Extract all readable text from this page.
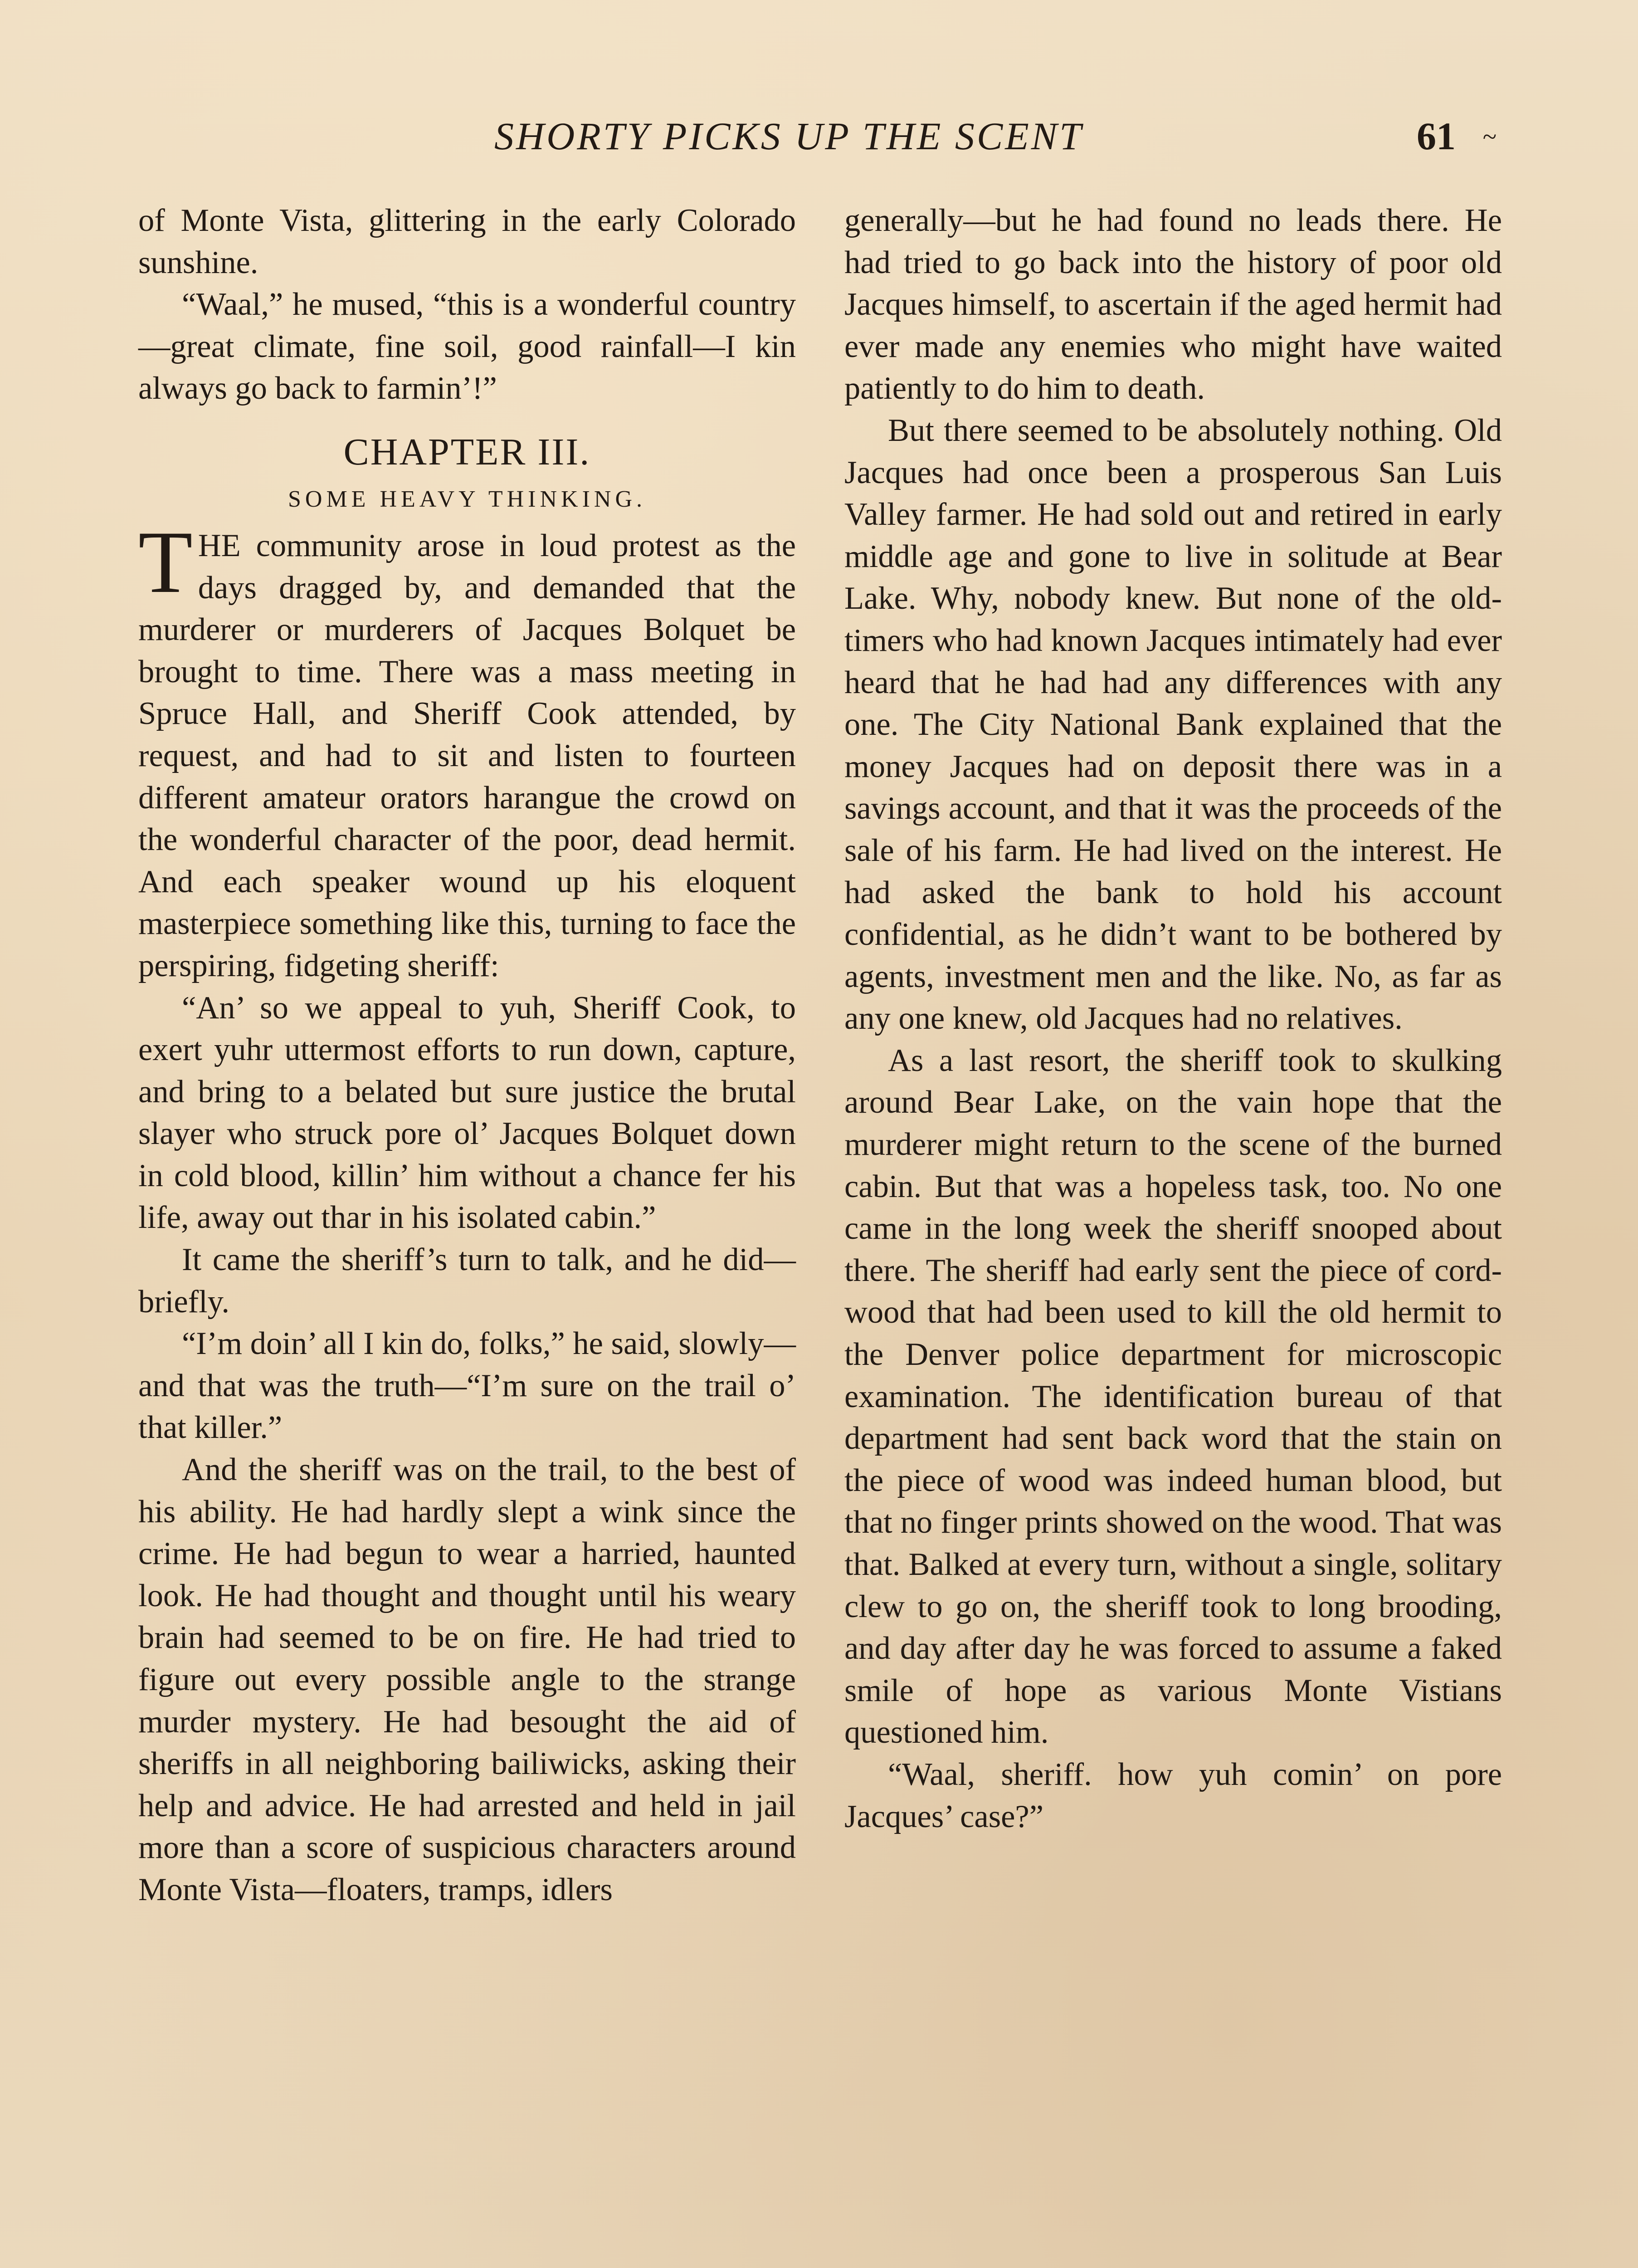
SHORTY PICKS UP THE SCENT	61 ~

of Monte Vista, glittering in the early Colorado sunshine.

“Waal,” he mused, “this is a wonderful country—great climate, fine soil, good rainfall—I kin always go back to farmin’!”

CHAPTER III.
SOME HEAVY THINKING.

THE community arose in loud protest as the days dragged by, and demanded that the murderer or murderers of Jacques Bolquet be brought to time. There was a mass meeting in Spruce Hall, and Sheriff Cook attended, by request, and had to sit and listen to fourteen different amateur orators harangue the crowd on the wonderful character of the poor, dead hermit. And each speaker wound up his eloquent masterpiece something like this, turning to face the perspiring, fidgeting sheriff:

“An’ so we appeal to yuh, Sheriff Cook, to exert yuhr uttermost efforts to run down, capture, and bring to a belated but sure justice the brutal slayer who struck pore ol’ Jacques Bolquet down in cold blood, killin’ him without a chance fer his life, away out thar in his isolated cabin.”

It came the sheriff’s turn to talk, and he did—briefly.

“I’m doin’ all I kin do, folks,” he said, slowly—and that was the truth—“I’m sure on the trail o’ that killer.”

And the sheriff was on the trail, to the best of his ability. He had hardly slept a wink since the crime. He had begun to wear a harried, haunted look. He had thought and thought until his weary brain had seemed to be on fire. He had tried to figure out every possible angle to the strange murder mystery. He had besought the aid of sheriffs in all neighboring bailiwicks, asking their help and advice. He had arrested and held in jail more than a score of suspicious characters around Monte Vista—floaters, tramps, idlers

generally—but he had found no leads there. He had tried to go back into the history of poor old Jacques himself, to ascertain if the aged hermit had ever made any enemies who might have waited patiently to do him to death.

But there seemed to be absolutely nothing. Old Jacques had once been a prosperous San Luis Valley farmer. He had sold out and retired in early middle age and gone to live in solitude at Bear Lake. Why, nobody knew. But none of the old-timers who had known Jacques intimately had ever heard that he had had any differences with any one. The City National Bank explained that the money Jacques had on deposit there was in a savings account, and that it was the proceeds of the sale of his farm. He had lived on the interest. He had asked the bank to hold his account confidential, as he didn’t want to be bothered by agents, investment men and the like. No, as far as any one knew, old Jacques had no relatives.

As a last resort, the sheriff took to skulking around Bear Lake, on the vain hope that the murderer might return to the scene of the burned cabin. But that was a hopeless task, too. No one came in the long week the sheriff snooped about there. The sheriff had early sent the piece of cord-wood that had been used to kill the old hermit to the Denver police department for microscopic examination. The identification bureau of that department had sent back word that the stain on the piece of wood was indeed human blood, but that no finger prints showed on the wood. That was that. Balked at every turn, without a single, solitary clew to go on, the sheriff took to long brooding, and day after day he was forced to assume a faked smile of hope as various Monte Vistians questioned him.

“Waal, sheriff. how yuh comin’ on pore Jacques’ case?”
